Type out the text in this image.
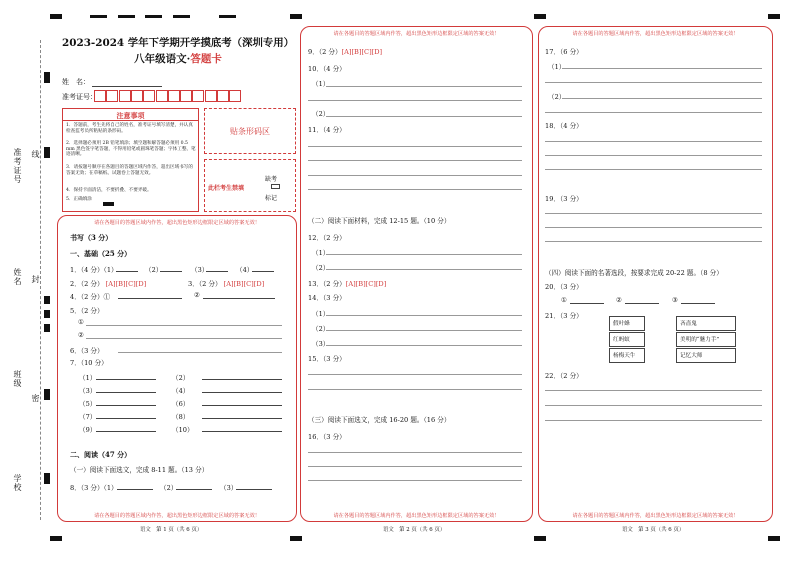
准考证号 线
姓名 封
班级
密
学校
2023-2024 学年下学期开学摸底考（深圳专用）
八年级语文·答题卡
姓　名：
准考证号：
注意事项
1．答题前，考生先将自己的姓名，准考证号填写清楚，并认真检查监考员所粘贴的条形码。
2．选择题必须用 2B 铅笔填涂；填空题和解答题必须用 0.5 mm 黑色签字笔答题，不得用铅笔或圆珠笔答题；字体工整、笔迹清晰。
3．请按题号顺序在各题目的答题区域内作答，超出区域书写的答案无效；在草稿纸、试题卷上答题无效。
4．保持卡面清洁，不要折叠、不要弄破。
5．正确填涂
贴条形码区
缺考
此栏考生禁填
标记
请在各题目的答题区域内作答，超出黑色矩形边框限定区域的答案无效！
请在各题目的答题区域内作答，超出黑色矩形边框限定区域的答案无效！
书写（3 分）
一、基础（25 分）
1．（4 分）（1）	（2）	（3）	（4）
2．（2 分） [A][B][C][D]	3．（2 分） [A][B][C][D]
4．（2 分）①	②
5．（2 分）
①
②
6．（3 分）
7．（10 分）
（1）	（2）
（3）	（4）
（5）	（6）
（7）	（8）
（9）	（10）
二、阅读（47 分）
（一）阅读下面选文，完成 8-11 题。（13 分）
8．（3 分）（1）	（2）	（3）
语文　第 1 页（共 6 页）
请在各题目的答题区域内作答，超出黑色矩形边框限定区域的答案无效！
请在各题目的答题区域内作答，超出黑色矩形边框限定区域的答案无效！
9．（2 分）[A][B][C][D]
10．（4 分）
（1）
（2）
11．（4 分）
（二）阅读下面材料，完成 12-15 题。（10 分）
12．（2 分）
（1）
（2）
13．（2 分）[A][B][C][D]
14．（3 分）
（1）
（2）
（3）
15．（3 分）
（三）阅读下面选文，完成 16-20 题。（16 分）
16．（3 分）
语文　第 2 页（共 6 页）
请在各题目的答题区域内作答，超出黑色矩形边框限定区域的答案无效！
请在各题目的答题区域内作答，超出黑色矩形边框限定区域的答案无效！
17．（6 分）
（1）
（2）
18．（4 分）
19．（3 分）
（四）阅读下面的名著选段，按要求完成 20-22 题。（8 分）
20．（3 分）
①	②	③
21．（3 分）
假叶蜂	吝啬鬼
红蚂蚁	美明的“魅力手”
杨梅天牛	记忆大师
22．（2 分）
语文　第 3 页（共 6 页）
